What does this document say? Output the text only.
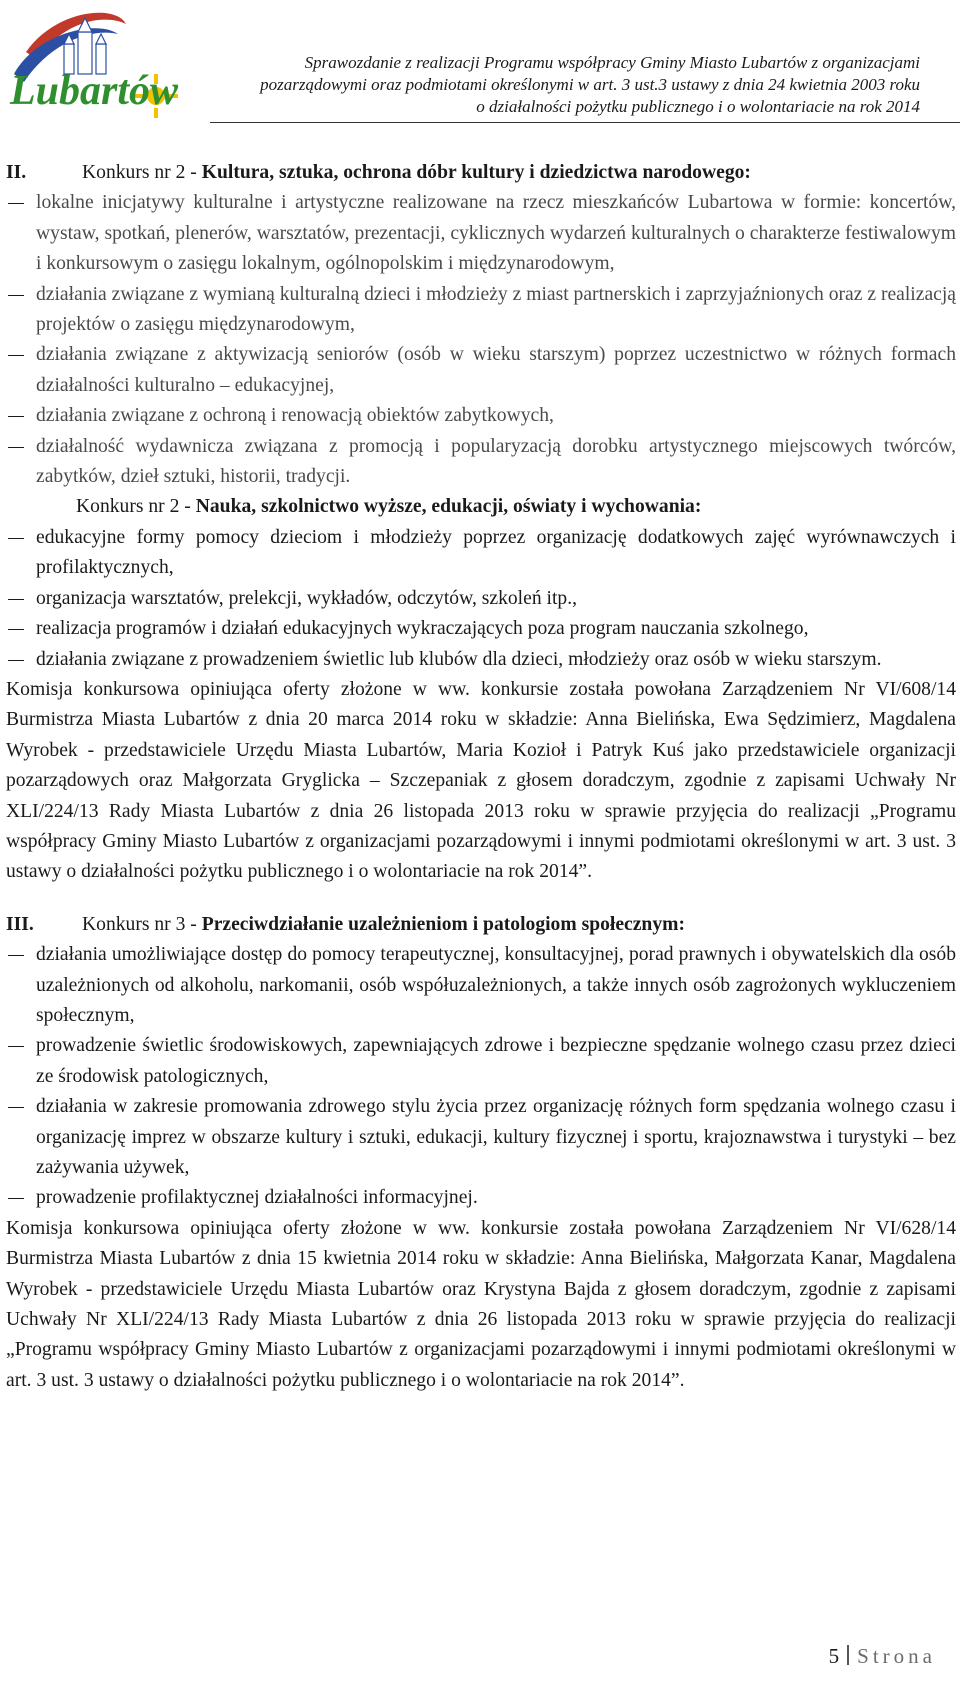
Lubartów
Sprawozdanie z realizacji Programu współpracy Gminy Miasto Lubartów z organizacjami
pozarządowymi oraz podmiotami określonymi w art. 3 ust.3 ustawy z dnia 24 kwietnia 2003 roku
o działalności pożytku publicznego i o wolontariacie na rok 2014

II.	Konkurs nr 2 - Kultura, sztuka, ochrona dóbr kultury i dziedzictwa narodowego:

lokalne inicjatywy kulturalne i artystyczne realizowane na rzecz mieszkańców Lubartowa w formie: koncertów, wystaw, spotkań, plenerów, warsztatów, prezentacji, cyklicznych wydarzeń kulturalnych o charakterze festiwalowym i konkursowym o zasięgu lokalnym, ogólnopolskim i międzynarodowym,
działania związane z wymianą kulturalną dzieci i młodzieży z miast partnerskich i zaprzyjaźnionych oraz z realizacją projektów o zasięgu międzynarodowym,
działania związane z aktywizacją seniorów (osób w wieku starszym) poprzez uczestnictwo w różnych formach działalności kulturalno – edukacyjnej,
działania związane z ochroną i renowacją obiektów zabytkowych,
działalność wydawnicza związana z promocją i popularyzacją dorobku artystycznego miejscowych twórców, zabytków, dzieł sztuki, historii, tradycji.

Konkurs nr 2 - Nauka, szkolnictwo wyższe, edukacji, oświaty i wychowania:

edukacyjne formy pomocy dzieciom i młodzieży poprzez organizację dodatkowych zajęć wyrównawczych i profilaktycznych,
organizacja warsztatów, prelekcji, wykładów, odczytów, szkoleń itp.,
realizacja programów i działań edukacyjnych wykraczających poza program nauczania szkolnego,
działania związane z prowadzeniem świetlic lub klubów dla dzieci, młodzieży oraz osób w wieku starszym.

Komisja konkursowa opiniująca oferty złożone w ww. konkursie została powołana Zarządzeniem Nr VI/608/14 Burmistrza Miasta Lubartów z dnia 20 marca 2014 roku w składzie: Anna Bielińska, Ewa Sędzimierz, Magdalena Wyrobek - przedstawiciele Urzędu Miasta Lubartów, Maria Kozioł i Patryk Kuś jako przedstawiciele organizacji pozarządowych oraz Małgorzata Gryglicka – Szczepaniak z głosem doradczym, zgodnie z zapisami Uchwały Nr XLI/224/13 Rady Miasta Lubartów z dnia 26 listopada 2013 roku w sprawie przyjęcia do realizacji „Programu współpracy Gminy Miasto Lubartów z organizacjami pozarządowymi i innymi podmiotami określonymi w art. 3 ust. 3 ustawy o działalności pożytku publicznego i o wolontariacie na rok 2014”.

III. Konkurs nr 3 - Przeciwdziałanie uzależnieniom i patologiom społecznym:

działania umożliwiające dostęp do pomocy terapeutycznej, konsultacyjnej, porad prawnych i obywatelskich dla osób uzależnionych od alkoholu, narkomanii, osób współuzależnionych, a także innych osób zagrożonych wykluczeniem społecznym,
prowadzenie świetlic środowiskowych, zapewniających zdrowe i bezpieczne spędzanie wolnego czasu przez dzieci ze środowisk patologicznych,
działania w zakresie promowania zdrowego stylu życia przez organizację różnych form spędzania wolnego czasu i organizację imprez w obszarze kultury i sztuki, edukacji, kultury fizycznej i sportu, krajoznawstwa i turystyki – bez zażywania używek,
prowadzenie profilaktycznej działalności informacyjnej.

Komisja konkursowa opiniująca oferty złożone w ww. konkursie została powołana Zarządzeniem Nr VI/628/14 Burmistrza Miasta Lubartów z dnia 15 kwietnia 2014 roku w składzie: Anna Bielińska, Małgorzata Kanar, Magdalena Wyrobek - przedstawiciele Urzędu Miasta Lubartów oraz Krystyna Bajda z głosem doradczym, zgodnie z zapisami Uchwały Nr XLI/224/13 Rady Miasta Lubartów z dnia 26 listopada 2013 roku w sprawie przyjęcia do realizacji „Programu współpracy Gminy Miasto Lubartów z organizacjami pozarządowymi i innymi podmiotami określonymi w art. 3 ust. 3 ustawy o działalności pożytku publicznego i o wolontariacie na rok 2014”.

5 Strona
